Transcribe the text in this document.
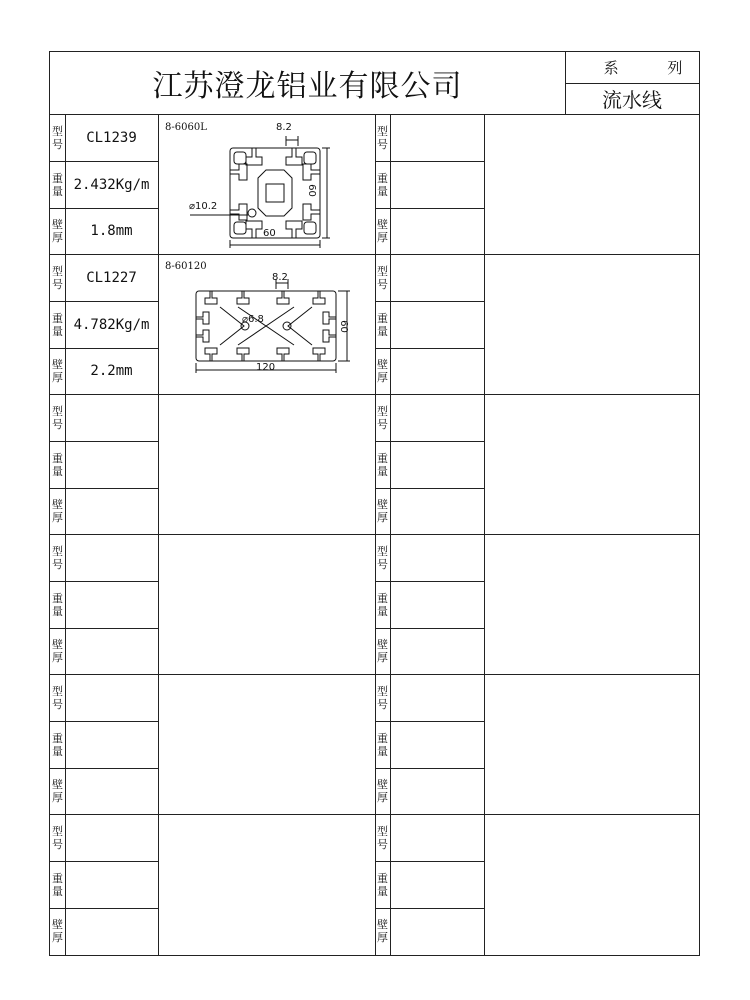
江苏澄龙铝业有限公司
系 列
流水线
8-6060L	8.2
60
60
⌀10.2
8-60120
8.2
60
120
⌀6.8
型
号
型
号
CL1239
重
量
重
量
2.432Kg/m
壁
厚
壁
厚
1.8mm
型
号
型
号
CL1227
重
量
重
量
4.782Kg/m
壁
厚
壁
厚
2.2mm
型
号
型
号
重
量
重
量
壁
厚
壁
厚
型
号
型
号
重
量
重
量
壁
厚
壁
厚
型
号
型
号
重
量
重
量
壁
厚
壁
厚
型
号
型
号
重
量
重
量
壁
厚
壁
厚
